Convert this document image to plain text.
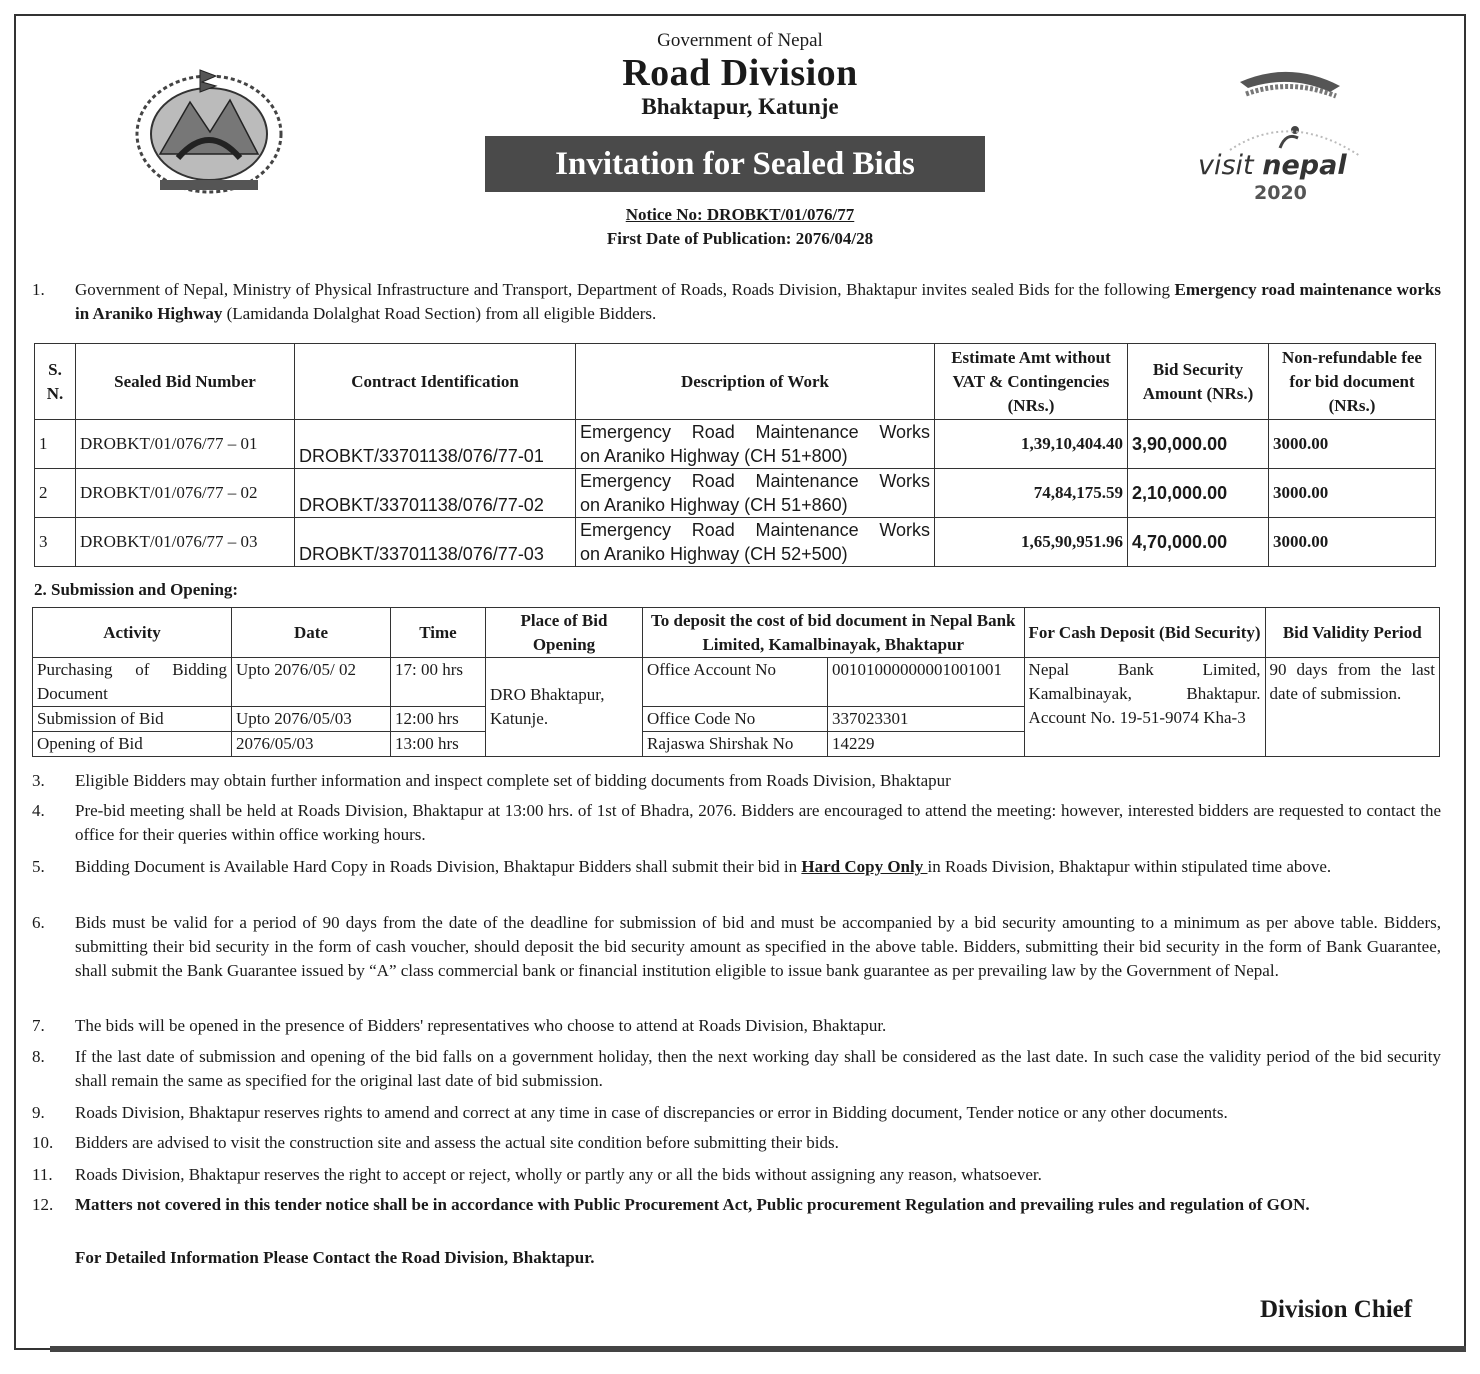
visit nepal
2020
Government of Nepal
Road Division
Bhaktapur, Katunje
Invitation for Sealed Bids
Notice No: DROBKT/01/076/77
First Date of Publication: 2076/04/28
1.	Government of Nepal, Ministry of Physical Infrastructure and Transport, Department of Roads, Roads Division, Bhaktapur invites sealed Bids for the following Emergency road maintenance works in Araniko Highway (Lamidanda Dolalghat Road Section) from all eligible Bidders.
S. N.	Sealed Bid Number	Contract Identification	Description of Work	Estimate Amt without VAT & Contingencies (NRs.)	Bid Security Amount (NRs.)	Non-refundable fee for bid document (NRs.)
1	DROBKT/01/076/77 – 01	DROBKT/33701138/076/77-01	Emergency Road Maintenance Works
on Araniko Highway (CH 51+800)	1,39,10,404.40	3,90,000.00	3000.00
2	DROBKT/01/076/77 – 02	DROBKT/33701138/076/77-02	Emergency Road Maintenance Works
on Araniko Highway (CH 51+860)	74,84,175.59	2,10,000.00	3000.00
3	DROBKT/01/076/77 – 03	DROBKT/33701138/076/77-03	Emergency Road Maintenance Works
on Araniko Highway (CH 52+500)	1,65,90,951.96	4,70,000.00	3000.00
2. Submission and Opening:
Activity	Date	Time	Place of Bid Opening	To deposit the cost of bid document in Nepal Bank Limited, Kamalbinayak, Bhaktapur		For Cash Deposit (Bid Security)	Bid Validity Period
Purchasing of Bidding Document	Upto 2076/05/ 02	17: 00 hrs	DRO Bhaktapur, Katunje.	Office Account No	00101000000001001001	Nepal Bank Limited, Kamalbinayak, Bhaktapur. Account No. 19-51-9074 Kha-3	90 days from the last date of submission.
Submission of Bid	Upto 2076/05/03	12:00 hrs		Office Code No	337023301		
Opening of Bid	2076/05/03	13:00 hrs		Rajaswa Shirshak No	14229		
3.	Eligible Bidders may obtain further information and inspect complete set of bidding documents from Roads Division, Bhaktapur
4.	Pre-bid meeting shall be held at Roads Division, Bhaktapur at 13:00 hrs. of 1st of Bhadra, 2076. Bidders are encouraged to attend the meeting: however, interested bidders are requested to contact the office for their queries within office working hours.
5.	Bidding Document is Available Hard Copy in Roads Division, Bhaktapur Bidders shall submit their bid in Hard Copy Only in Roads Division, Bhaktapur within stipulated time above.
6.	Bids must be valid for a period of 90 days from the date of the deadline for submission of bid and must be accompanied by a bid security amounting to a minimum as per above table. Bidders, submitting their bid security in the form of cash voucher, should deposit the bid security amount as specified in the above table. Bidders, submitting their bid security in the form of Bank Guarantee, shall submit the Bank Guarantee issued by “A” class commercial bank or financial institution eligible to issue bank guarantee as per prevailing law by the Government of Nepal.
7.	The bids will be opened in the presence of Bidders' representatives who choose to attend at Roads Division, Bhaktapur.
8.	If the last date of submission and opening of the bid falls on a government holiday, then the next working day shall be considered as the last date. In such case the validity period of the bid security shall remain the same as specified for the original last date of bid submission.
9.	Roads Division, Bhaktapur reserves rights to amend and correct at any time in case of discrepancies or error in Bidding document, Tender notice or any other documents.
10.	Bidders are advised to visit the construction site and assess the actual site condition before submitting their bids.
11.	Roads Division, Bhaktapur reserves the right to accept or reject, wholly or partly any or all the bids without assigning any reason, whatsoever.
12.	Matters not covered in this tender notice shall be in accordance with Public Procurement Act, Public procurement Regulation and prevailing rules and regulation of GON.
For Detailed Information Please Contact the Road Division, Bhaktapur.
Division Chief
